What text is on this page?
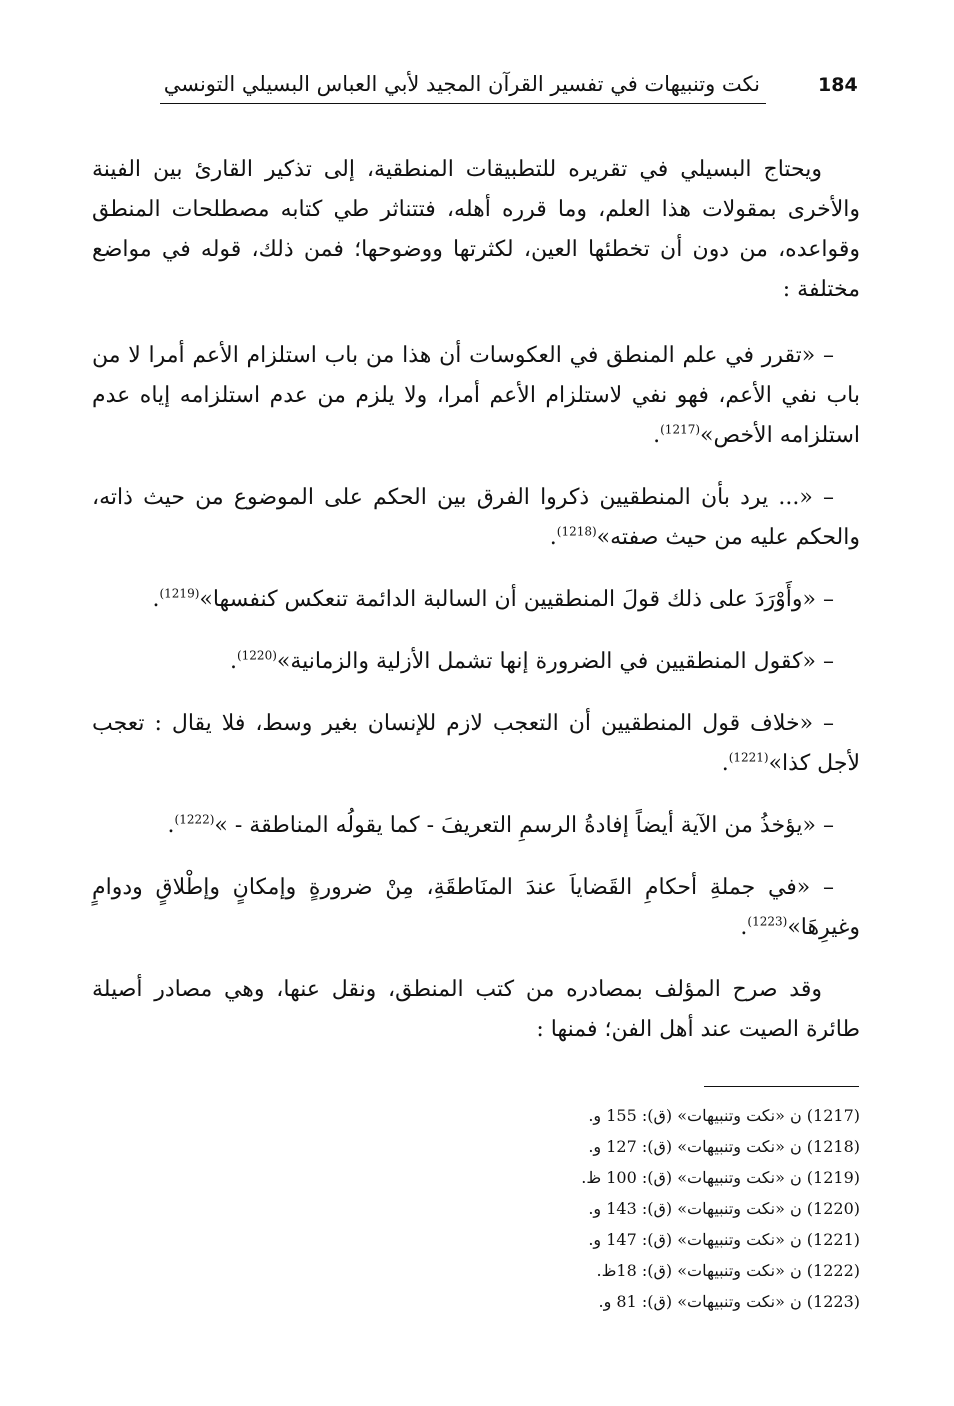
نكت وتنبيهات في تفسير القرآن المجيد لأبي العباس البسيلي التونسي	184

ويحتاج البسيلي في تقريره للتطبيقات المنطقية، إلى تذكير القارئ بين الفينة والأخرى بمقولات هذا العلم، وما قرره أهله، فتتناثر طي كتابه مصطلحات المنطق وقواعده، من دون أن تخطئها العين، لكثرتها ووضوحها؛ فمن ذلك، قوله في مواضع مختلفة :

– «تقرر في علم المنطق في العكوسات أن هذا من باب استلزام الأعم أمرا لا من باب نفي الأعم، فهو نفي لاستلزام الأعم أمرا، ولا يلزم من عدم استلزامه إياه عدم استلزامه الأخص»$^{(1217)}$.

– «... يرد بأن المنطقيين ذكروا الفرق بين الحكم على الموضوع من حيث ذاته، والحكم عليه من حيث صفته»$^{(1218)}$.

– «وأَوْرَدَ على ذلك قولَ المنطقيين أن السالبة الدائمة تنعكس كنفسها»$^{(1219)}$.

– «كقول المنطقيين في الضرورة إنها تشمل الأزلية والزمانية»$^{(1220)}$.

– «خلاف قول المنطقيين أن التعجب لازم للإنسان بغير وسط، فلا يقال : تعجب لأجل كذا»$^{(1221)}$.

– «يؤخذُ من الآية أيضاً إفادةُ الرسمِ التعريفَ - كما يقولُه المناطقة - »$^{(1222)}$.

– «في جملةِ أحكامِ القَضاياَ عندَ المنَاطقَةِ، مِنْ ضرورةٍ وإمكانٍ وإطْلاقٍ ودوامٍ وغيرِهَا»$^{(1223)}$.

وقد صرح المؤلف بمصادره من كتب المنطق، ونقل عنها، وهي مصادر أصيلة طائرة الصيت عند أهل الفن؛ فمنها :

(1217) ن «نكت وتنبيهات» (ق): 155 و.
(1218) ن «نكت وتنبيهات» (ق): 127 و.
(1219) ن «نكت وتنبيهات» (ق): 100 ظ.
(1220) ن «نكت وتنبيهات» (ق): 143 و.
(1221) ن «نكت وتنبيهات» (ق): 147 و.
(1222) ن «نكت وتنبيهات» (ق): 18ظ.
(1223) ن «نكت وتنبيهات» (ق): 81 و.
